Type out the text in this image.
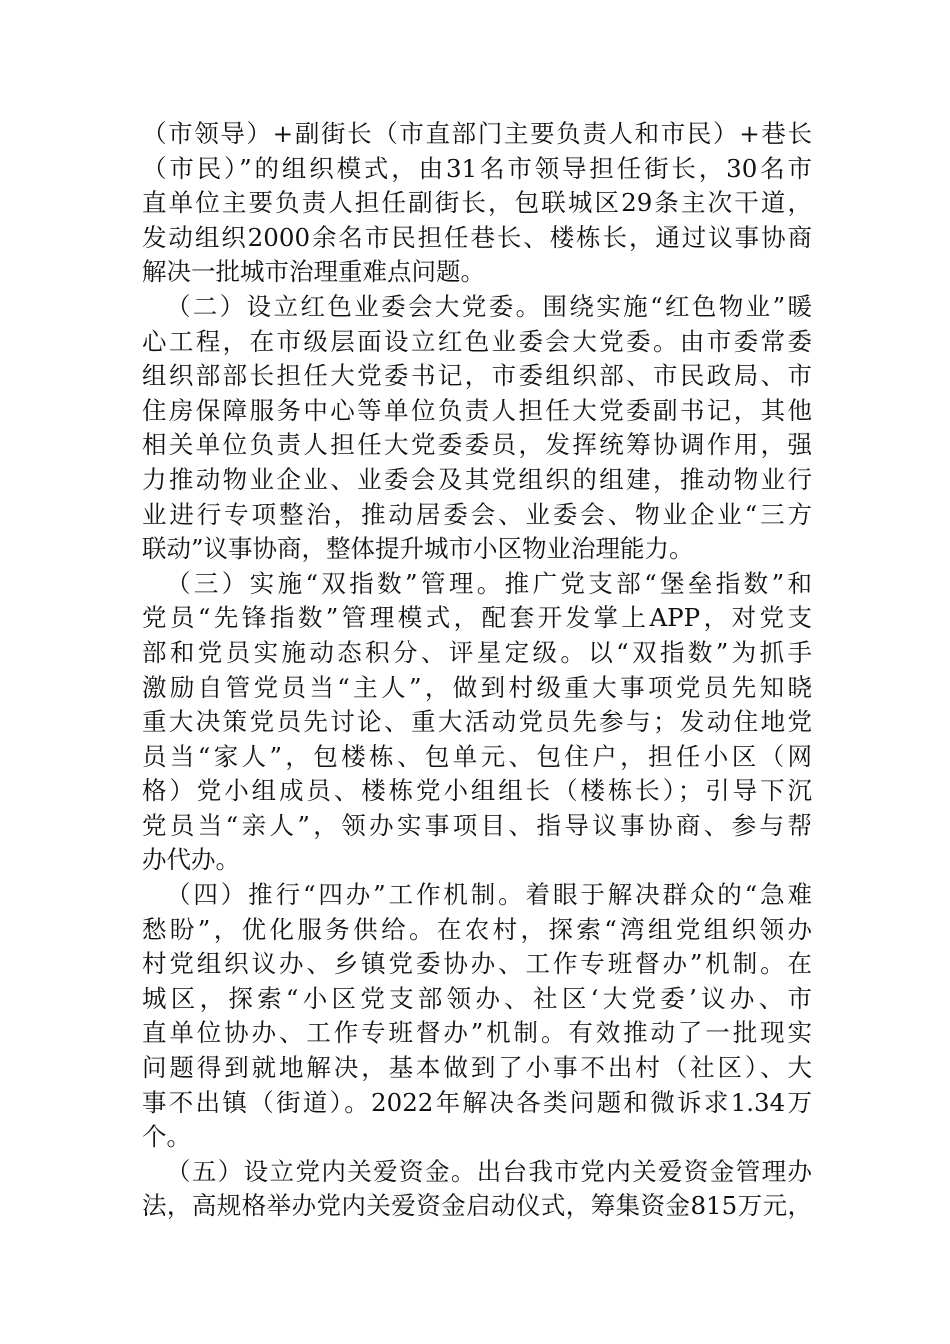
（市领导）+副街长（市直部门主要负责人和市民）+巷长
（市民）”的组织模式，由31名市领导担任街长，30名市
直单位主要负责人担任副街长，包联城区29条主次干道，
发动组织2000余名市民担任巷长、楼栋长，通过议事协商
解决一批城市治理重难点问题。
（二）设立红色业委会大党委。围绕实施“红色物业”暖
心工程，在市级层面设立红色业委会大党委。由市委常委
组织部部长担任大党委书记，市委组织部、市民政局、市
住房保障服务中心等单位负责人担任大党委副书记，其他
相关单位负责人担任大党委委员，发挥统筹协调作用，强
力推动物业企业、业委会及其党组织的组建，推动物业行
业进行专项整治，推动居委会、业委会、物业企业“三方
联动”议事协商，整体提升城市小区物业治理能力。
（三）实施“双指数”管理。推广党支部“堡垒指数”和
党员“先锋指数”管理模式，配套开发掌上APP，对党支
部和党员实施动态积分、评星定级。以“双指数”为抓手
激励自管党员当“主人”，做到村级重大事项党员先知晓
重大决策党员先讨论、重大活动党员先参与；发动住地党
员当“家人”，包楼栋、包单元、包住户，担任小区（网
格）党小组成员、楼栋党小组组长（楼栋长）；引导下沉
党员当“亲人”，领办实事项目、指导议事协商、参与帮
办代办。
（四）推行“四办”工作机制。着眼于解决群众的“急难
愁盼”，优化服务供给。在农村，探索“湾组党组织领办
村党组织议办、乡镇党委协办、工作专班督办”机制。在
城区，探索“小区党支部领办、社区‘大党委’议办、市
直单位协办、工作专班督办”机制。有效推动了一批现实
问题得到就地解决，基本做到了小事不出村（社区）、大
事不出镇（街道）。2022年解决各类问题和微诉求1.34万
个。
（五）设立党内关爱资金。出台我市党内关爱资金管理办
法，高规格举办党内关爱资金启动仪式，筹集资金815万元，
